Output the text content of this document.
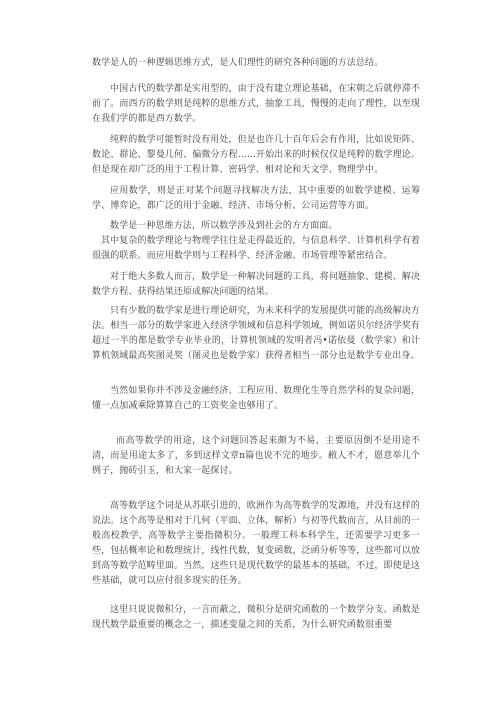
数学是人的一种逻辑思维方式，是人们理性的研究各种问题的方法总结。

中国古代的数学都是实用型的，由于没有建立理论基础，在宋朝之后就停滞不前了。而西方的数学则是纯粹的思维方式，抽象工具，慢慢的走向了理性，以至现在我们学的都是西方数学。

纯粹的数学可能暂时没有用处，但是也许几十百年后会有作用，比如说矩阵、数论、群论、黎曼几何、偏微分方程……开始出来的时候仅仅是纯粹的数学理论。但是现在却广泛的用于工程计算、密码学、相对论和天文学、物理学中。

应用数学，则是正对某个问题寻找解决方法，其中重要的如数学建模、运筹学、博弈论，都广泛的用于金融、经济、市场分析、公司运营等方面。

数学是一种思维方法，所以数学涉及到社会的方方面面。

其中复杂的数学理论与物理学往往是走得最近的，与信息科学、计算机科学有着很强的联系。而应用数学则与工程科学、经济金融、市场管理等紧密结合。

对于绝大多数人而言，数学是一种解决问题的工具，将问题抽象、建模、解决数学方程、获得结果还原成解决问题的结果。

只有少数的数学家是进行理论研究，为未来科学的发展提供可能的高级解决方法。相当一部分的数学家进入经济学领域和信息科学领域，例如诺贝尔经济学奖有超过一半的都是数学专业毕业的，计算机领域的发明者冯•诺依曼（数学家）和计算机领域最高奖图灵奖（图灵也是数学家）获得者相当一部分也是数学专业出身。

当然如果你并不涉及金融经济、工程应用、数理化生等自然学科的复杂问题，懂一点加减乘除算算自己的工资奖金也够用了。

而高等数学的用途，这个问题回答起来颇为不易，主要原因倒不是用途不清，而是用途太多了，多到这样文章n篇也说不完的地步。敝人不才，愿意举几个例子，抛砖引玉，和大家一起探讨。

高等数学这个词是从苏联引进的，欧洲作为高等数学的发源地，并没有这样的说法。这个高等是相对于几何（平面、立体，解析）与初等代数而言，从目前的一般高校教学，高等数学主要指微积分。一般理工科本科学生，还需要学习更多一些，包括概率论和数理统计，线性代数，复变函数，泛函分析等等，这些都可以放到高等数学范畴里面。当然，这些只是现代数学的最基本的基础，不过，即使是这些基础，就可以应付很多现实的任务。

这里只说说微积分，一言而蔽之，微积分是研究函数的一个数学分支。函数是现代数学最重要的概念之一，描述变量之间的关系，为什么研究函数很重要
